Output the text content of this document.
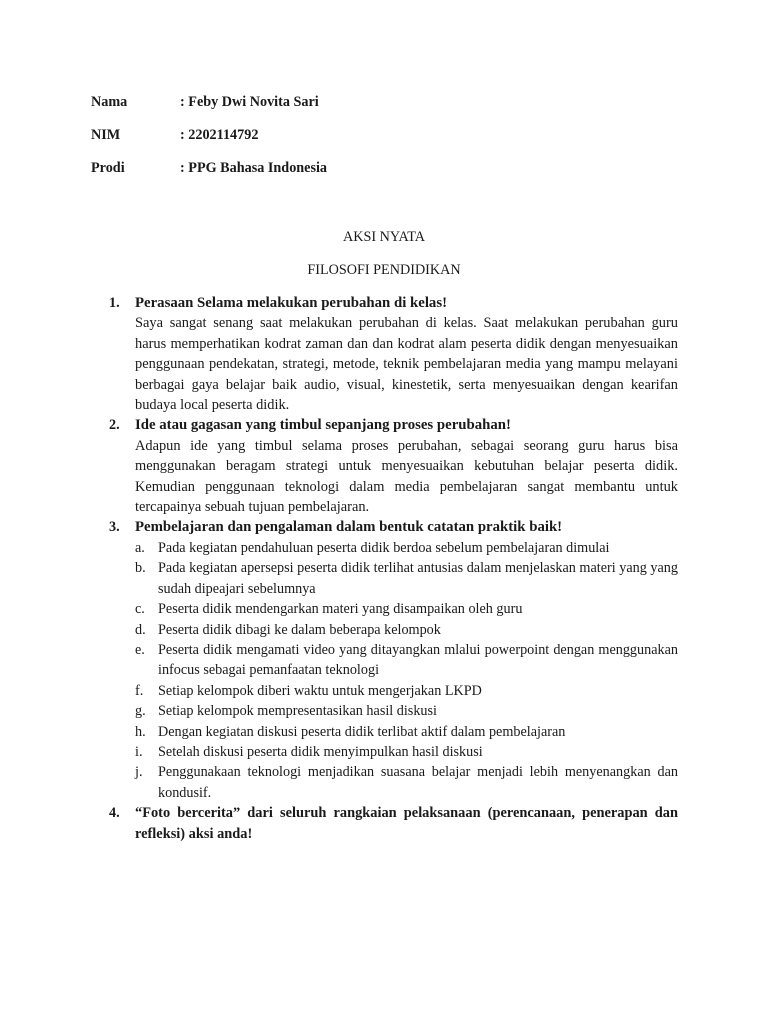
Nama	: Feby Dwi Novita Sari
NIM	: 2202114792
Prodi	: PPG Bahasa Indonesia
AKSI NYATA
FILOSOFI PENDIDIKAN
1.	Perasaan Selama melakukan perubahan di kelas!
Saya sangat senang saat melakukan perubahan di kelas. Saat melakukan perubahan guru harus memperhatikan kodrat zaman dan dan kodrat alam peserta didik dengan menyesuaikan penggunaan pendekatan, strategi, metode, teknik pembelajaran media yang mampu melayani berbagai gaya belajar baik audio, visual, kinestetik, serta menyesuaikan dengan kearifan budaya local peserta didik.
2.	Ide atau gagasan yang timbul sepanjang proses perubahan!
Adapun ide yang timbul selama proses perubahan, sebagai seorang guru harus bisa menggunakan beragam strategi untuk menyesuaikan kebutuhan belajar peserta didik. Kemudian penggunaan teknologi dalam media pembelajaran sangat membantu untuk tercapainya sebuah tujuan pembelajaran.
3.	Pembelajaran dan pengalaman dalam bentuk catatan praktik baik!
a. Pada kegiatan pendahuluan peserta didik berdoa sebelum pembelajaran dimulai
b. Pada kegiatan apersepsi peserta didik terlihat antusias dalam menjelaskan materi yang yang sudah dipeajari sebelumnya
c. Peserta didik mendengarkan materi yang disampaikan oleh guru
d. Peserta didik dibagi ke dalam beberapa kelompok
e. Peserta didik mengamati video yang ditayangkan mlalui powerpoint dengan menggunakan infocus sebagai pemanfaatan teknologi
f. Setiap kelompok diberi waktu untuk mengerjakan LKPD
g. Setiap kelompok mempresentasikan hasil diskusi
h. Dengan kegiatan diskusi peserta didik terlibat aktif dalam pembelajaran
i. Setelah diskusi peserta didik menyimpulkan hasil diskusi
j. Penggunakaan teknologi menjadikan suasana belajar menjadi lebih menyenangkan dan kondusif.
4.	“Foto bercerita” dari seluruh rangkaian pelaksanaan (perencanaan, penerapan dan refleksi) aksi anda!
